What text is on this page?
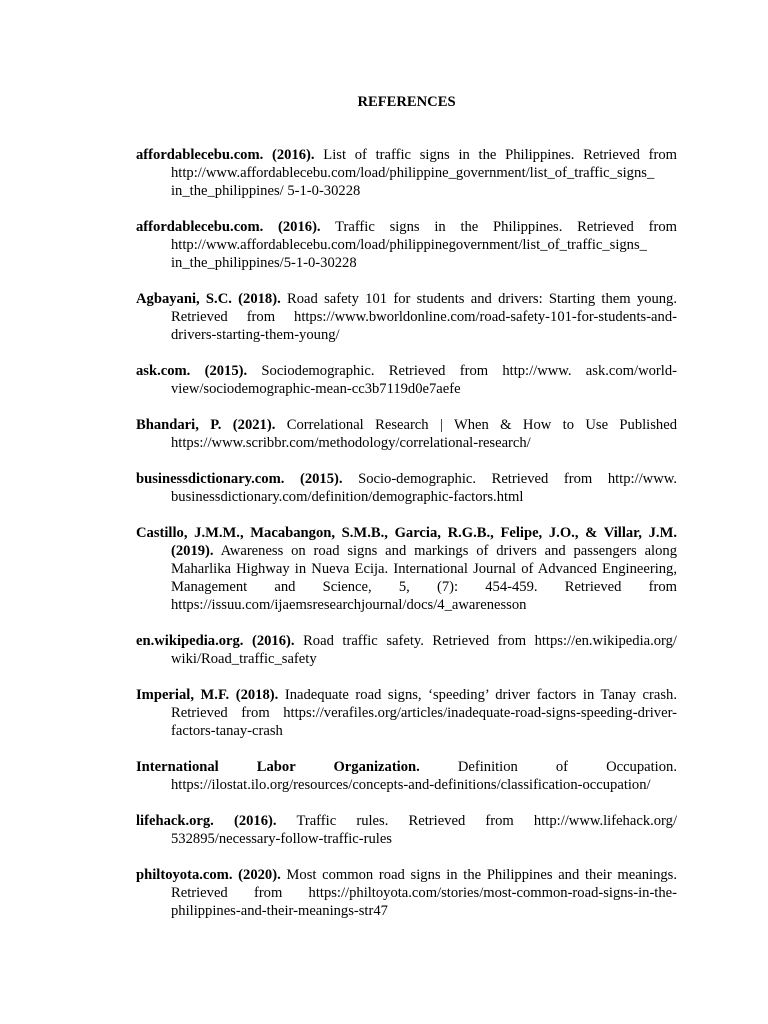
REFERENCES
affordablecebu.com. (2016). List of traffic signs in the Philippines. Retrieved from http://www.affordablecebu.com/load/philippine_government/list_of_traffic_signs_ in_the_philippines/ 5-1-0-30228
affordablecebu.com. (2016). Traffic signs in the Philippines. Retrieved from http://www.affordablecebu.com/load/philippinegovernment/list_of_traffic_signs_ in_the_philippines/5-1-0-30228
Agbayani, S.C. (2018). Road safety 101 for students and drivers: Starting them young. Retrieved from https://www.bworldonline.com/road-safety-101-for-students-and-drivers-starting-them-young/
ask.com. (2015). Sociodemographic. Retrieved from http://www. ask.com/world-view/sociodemographic-mean-cc3b7119d0e7aefe
Bhandari, P. (2021). Correlational Research | When & How to Use Published https://www.scribbr.com/methodology/correlational-research/
businessdictionary.com. (2015). Socio-demographic. Retrieved from http://www. businessdictionary.com/definition/demographic-factors.html
Castillo, J.M.M., Macabangon, S.M.B., Garcia, R.G.B., Felipe, J.O., & Villar, J.M. (2019). Awareness on road signs and markings of drivers and passengers along Maharlika Highway in Nueva Ecija. International Journal of Advanced Engineering, Management and Science, 5, (7): 454-459. Retrieved from https://issuu.com/ijaemsresearchjournal/docs/4_awarenesson
en.wikipedia.org. (2016). Road traffic safety. Retrieved from https://en.wikipedia.org/ wiki/Road_traffic_safety
Imperial, M.F. (2018). Inadequate road signs, ‘speeding’ driver factors in Tanay crash. Retrieved from https://verafiles.org/articles/inadequate-road-signs-speeding-driver-factors-tanay-crash
International Labor Organization. Definition of Occupation. https://ilostat.ilo.org/resources/concepts-and-definitions/classification-occupation/
lifehack.org. (2016). Traffic rules. Retrieved from http://www.lifehack.org/ 532895/necessary-follow-traffic-rules
philtoyota.com. (2020). Most common road signs in the Philippines and their meanings. Retrieved from https://philtoyota.com/stories/most-common-road-signs-in-the-philippines-and-their-meanings-str47
